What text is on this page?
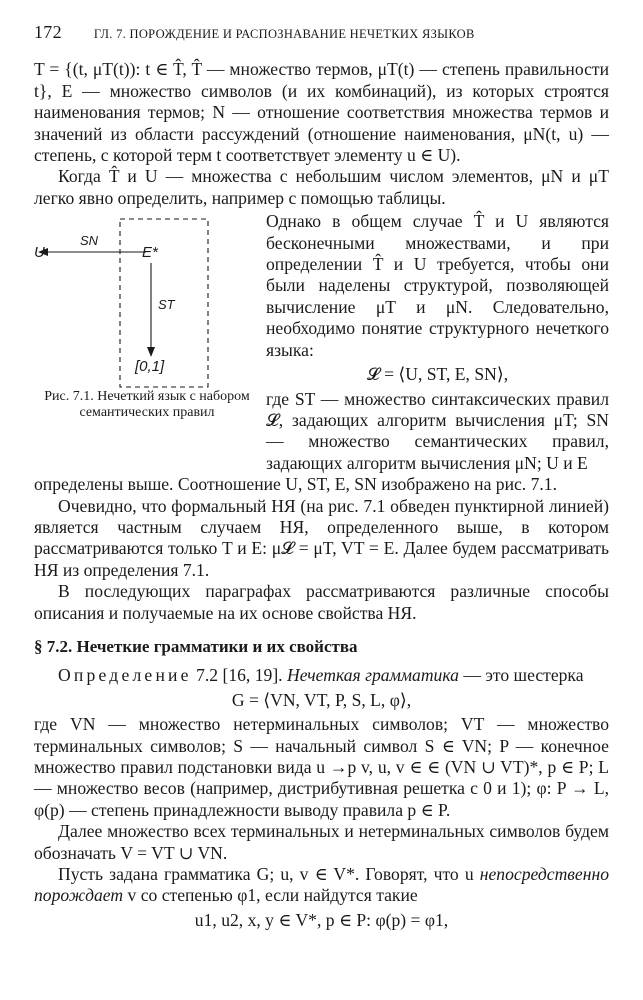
172	ГЛ. 7. ПОРОЖДЕНИЕ И РАСПОЗНАВАНИЕ НЕЧЕТКИХ ЯЗЫКОВ

T = {(t, μT(t)): t ∈ T̂, T̂ — множество термов, μT(t) — степень правильности t}, E — множество символов (и их комбинаций), из которых строятся наименования термов; N — отношение соответствия множества термов и значений из области рассуждений (отношение наименования, μN(t, u) — степень, с которой терм t соответствует элементу u ∈ U).

Когда T̂ и U — множества с небольшим числом элементов, μN и μT легко явно определить, например с помощью таблицы.

U
SN
E*
ST
[0,1]
Рис. 7.1. Нечеткий язык с набором семантических правил

Однако в общем случае T̂ и U являются бесконечными множествами, и при определении T̂ и U требуется, чтобы они были наделены структурой, позволяющей вычисление μT и μN. Следовательно, необходимо понятие структурного нечеткого языка:

𝓛 = ⟨U, ST, E, SN⟩,

где ST — множество синтаксических правил 𝓛, задающих алгоритм вычисления μT; SN — множество семантических правил, задающих алгоритм вычисления μN; U и E

определены выше. Соотношение U, ST, E, SN изображено на рис. 7.1.

Очевидно, что формальный НЯ (на рис. 7.1 обведен пунктирной линией) является частным случаем НЯ, определенного выше, в котором рассматриваются только T и E: μ𝓛 = μT, VT = E. Далее будем рассматривать НЯ из определения 7.1.

В последующих параграфах рассматриваются различные способы описания и получаемые на их основе свойства НЯ.

§ 7.2. Нечеткие грамматики и их свойства

Определение 7.2 [16, 19]. Нечеткая грамматика — это шестерка

G = ⟨VN, VT, P, S, L, φ⟩,

где VN — множество нетерминальных символов; VT — множество терминальных символов; S — начальный символ S ∈ VN; P — конечное множество правил подстановки вида u →p v, u, v ∈ ∈ (VN ∪ VT)*, p ∈ P; L — множество весов (например, дистрибутивная решетка с 0 и 1); φ: P → L, φ(p) — степень принадлежности выводу правила p ∈ P.

Далее множество всех терминальных и нетерминальных символов будем обозначать V = VT ∪ VN.

Пусть задана грамматика G; u, v ∈ V*. Говорят, что u непосредственно порождает v со степенью φ1, если найдутся такие

u1, u2, x, y ∈ V*, p ∈ P: φ(p) = φ1,
